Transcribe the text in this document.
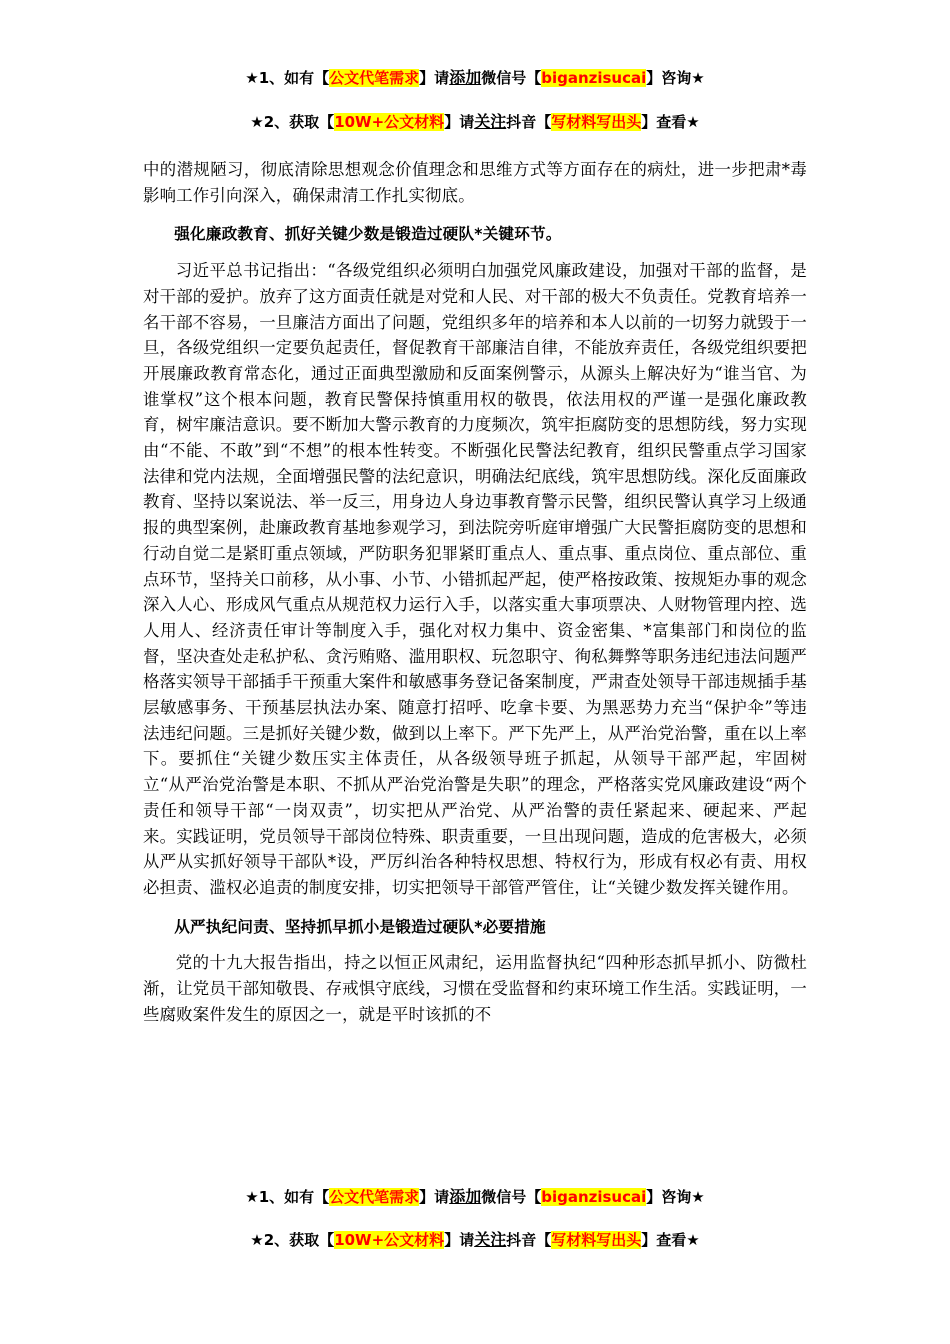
★1、如有【公文代笔需求】请添加微信号【biganzisucai】咨询★
★2、获取【10W+公文材料】请关注抖音【写材料写出头】查看★

中的潜规陋习，彻底清除思想观念价值理念和思维方式等方面存在的病灶，进一步把肃*毒影响工作引向深入，确保肃清工作扎实彻底。

强化廉政教育、抓好关键少数是锻造过硬队*关键环节。

习近平总书记指出：“各级党组织必须明白加强党风廉政建设，加强对干部的监督，是对干部的爱护。放弃了这方面责任就是对党和人民、对干部的极大不负责任。党教育培养一名干部不容易，一旦廉洁方面出了问题，党组织多年的培养和本人以前的一切努力就毁于一旦，各级党组织一定要负起责任，督促教育干部廉洁自律，不能放弃责任，各级党组织要把开展廉政教育常态化，通过正面典型激励和反面案例警示，从源头上解决好为“谁当官、为谁掌权”这个根本问题，教育民警保持慎重用权的敬畏，依法用权的严谨一是强化廉政教育，树牢廉洁意识。要不断加大警示教育的力度频次，筑牢拒腐防变的思想防线，努力实现由“不能、不敢”到“不想”的根本性转变。不断强化民警法纪教育，组织民警重点学习国家法律和党内法规，全面增强民警的法纪意识，明确法纪底线，筑牢思想防线。深化反面廉政教育、坚持以案说法、举一反三，用身边人身边事教育警示民警，组织民警认真学习上级通报的典型案例，赴廉政教育基地参观学习，到法院旁听庭审增强广大民警拒腐防变的思想和行动自觉二是紧盯重点领域，严防职务犯罪紧盯重点人、重点事、重点岗位、重点部位、重点环节，坚持关口前移，从小事、小节、小错抓起严起，使严格按政策、按规矩办事的观念深入人心、形成风气重点从规范权力运行入手，以落实重大事项票决、人财物管理内控、选人用人、经济责任审计等制度入手，强化对权力集中、资金密集、*富集部门和岗位的监督，坚决查处走私护私、贪污贿赂、滥用职权、玩忽职守、徇私舞弊等职务违纪违法问题严格落实领导干部插手干预重大案件和敏感事务登记备案制度，严肃查处领导干部违规插手基层敏感事务、干预基层执法办案、随意打招呼、吃拿卡要、为黑恶势力充当“保护伞”等违法违纪问题。三是抓好关键少数，做到以上率下。严下先严上，从严治党治警，重在以上率下。要抓住“关键少数压实主体责任，从各级领导班子抓起，从领导干部严起，牢固树立“从严治党治警是本职、不抓从严治党治警是失职”的理念，严格落实党风廉政建设“两个责任和领导干部“一岗双责”，切实把从严治党、从严治警的责任紧起来、硬起来、严起来。实践证明，党员领导干部岗位特殊、职责重要，一旦出现问题，造成的危害极大，必须从严从实抓好领导干部队*设，严厉纠治各种特权思想、特权行为，形成有权必有责、用权必担责、滥权必追责的制度安排，切实把领导干部管严管住，让“关键少数发挥关键作用。

从严执纪问责、坚持抓早抓小是锻造过硬队*必要措施

党的十九大报告指出，持之以恒正风肃纪，运用监督执纪“四种形态抓早抓小、防微杜渐，让党员干部知敬畏、存戒惧守底线，习惯在受监督和约束环境工作生活。实践证明，一些腐败案件发生的原因之一，就是平时该抓的不

★1、如有【公文代笔需求】请添加微信号【biganzisucai】咨询★
★2、获取【10W+公文材料】请关注抖音【写材料写出头】查看★
